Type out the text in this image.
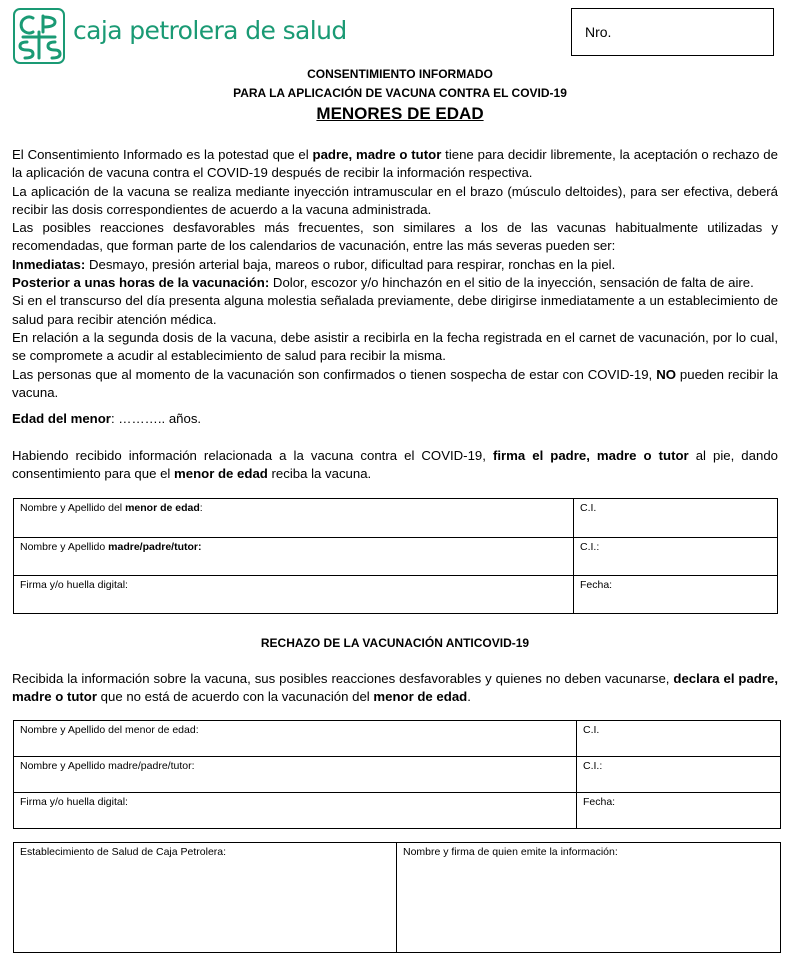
caja petrolera de salud	Nro.
CONSENTIMIENTO INFORMADO
PARA LA APLICACIÓN DE VACUNA CONTRA EL COVID-19
MENORES DE EDAD

El Consentimiento Informado es la potestad que el padre, madre o tutor tiene para decidir libremente, la aceptación o rechazo de la aplicación de vacuna contra el COVID-19 después de recibir la información respectiva.

La aplicación de la vacuna se realiza mediante inyección intramuscular en el brazo (músculo deltoides), para ser efectiva, deberá recibir las dosis correspondientes de acuerdo a la vacuna administrada.

Las posibles reacciones desfavorables más frecuentes, son similares a los de las vacunas habitualmente utilizadas y recomendadas, que forman parte de los calendarios de vacunación, entre las más severas pueden ser:

Inmediatas: Desmayo, presión arterial baja, mareos o rubor, dificultad para respirar, ronchas en la piel.

Posterior a unas horas de la vacunación: Dolor, escozor y/o hinchazón en el sitio de la inyección, sensación de falta de aire.

Si en el transcurso del día presenta alguna molestia señalada previamente, debe dirigirse inmediatamente a un establecimiento de salud para recibir atención médica.

En relación a la segunda dosis de la vacuna, debe asistir a recibirla en la fecha registrada en el carnet de vacunación, por lo cual, se compromete a acudir al establecimiento de salud para recibir la misma.

Las personas que al momento de la vacunación son confirmados o tienen sospecha de estar con COVID-19, NO pueden recibir la vacuna.

Edad del menor: ……….. años.
Habiendo recibido información relacionada a la vacuna contra el COVID-19, firma el padre, madre o tutor al pie, dando consentimiento para que el menor de edad reciba la vacuna.
Nombre y Apellido del menor de edad:	C.I.
Nombre y Apellido madre/padre/tutor:	C.I.:
Firma y/o huella digital:	Fecha:
RECHAZO DE LA VACUNACIÓN ANTICOVID-19
Recibida la información sobre la vacuna, sus posibles reacciones desfavorables y quienes no deben vacunarse, declara el padre, madre o tutor que no está de acuerdo con la vacunación del menor de edad.
Nombre y Apellido del menor de edad:	C.I.
Nombre y Apellido madre/padre/tutor:	C.I.:
Firma y/o huella digital:	Fecha:
Establecimiento de Salud de Caja Petrolera:	Nombre y firma de quien emite la información:
